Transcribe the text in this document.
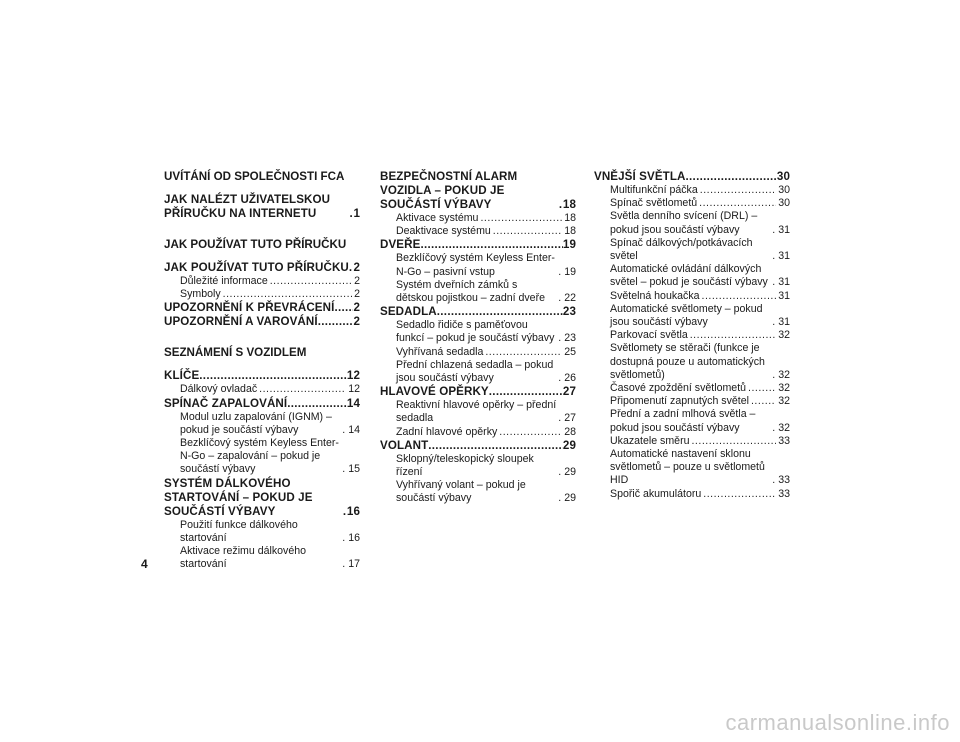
UVÍTÁNÍ OD SPOLEČNOSTI FCA
JAK NALÉZT UŽIVATELSKOU PŘÍRUČKU NA INTERNETU .....	1
JAK POUŽÍVAT TUTO PŘÍRUČKU
JAK POUŽÍVAT TUTO PŘÍRUČKU ..... 2
Důležité informace .....	2
Symboly .....	2
UPOZORNĚNÍ K PŘEVRÁCENÍ ..... 2
UPOZORNĚNÍ A VAROVÁNÍ .....	2
SEZNÁMENÍ S VOZIDLEM
KLÍČE .....	12
Dálkový ovladač .....	12
SPÍNAČ ZAPALOVÁNÍ .....	14
Modul uzlu zapalování (IGNM) – pokud je součástí výbavy .....	14
Bezklíčový systém Keyless Enter-N-Go – zapalování – pokud je součástí výbavy .....	15
SYSTÉM DÁLKOVÉHO STARTOVÁNÍ – POKUD JE SOUČÁSTÍ VÝBAVY .....	16
Použití funkce dálkového startování .....	16
Aktivace režimu dálkového startování .....	17
BEZPEČNOSTNÍ ALARM VOZIDLA – POKUD JE SOUČÁSTÍ VÝBAVY .....	18
Aktivace systému .....	18
Deaktivace systému .....	18
DVEŘE .....	19
Bezklíčový systém Keyless Enter-N-Go – pasivní vstup .....	19
Systém dveřních zámků s dětskou pojistkou – zadní dveře .....	22
SEDADLA .....	23
Sedadlo řidiče s paměťovou funkcí – pokud je součástí výbavy ..... 23
Vyhřívaná sedadla .....	25
Přední chlazená sedadla – pokud jsou součástí výbavy .....	26
HLAVOVÉ OPĚRKY .....	27
Reaktivní hlavové opěrky – přední sedadla .....	27
Zadní hlavové opěrky .....	28
VOLANT .....	29
Sklopný/teleskopický sloupek řízení .....	29
Vyhřívaný volant – pokud je součástí výbavy .....	29
VNĚJŠÍ SVĚTLA .....	30
Multifunkční páčka .....	30
Spínač světlometů .....	30
Světla denního svícení (DRL) – pokud jsou součástí výbavy .....	31
Spínač dálkových/potkávacích světel .....	31
Automatické ovládání dálkových světel – pokud je součástí výbavy ..... 31
Světelná houkačka .....	31
Automatické světlomety – pokud jsou součástí výbavy .....	31
Parkovací světla .....	32
Světlomety se stěrači (funkce je dostupná pouze u automatických světlometů) .....	32
Časové zpoždění světlometů .....	32
Připomenutí zapnutých světel .....	32
Přední a zadní mlhová světla – pokud jsou součástí výbavy .....	32
Ukazatele směru .....	33
Automatické nastavení sklonu světlometů – pouze u světlometů HID .....	33
Spořič akumulátoru .....	33
4
carmanualsonline.info
